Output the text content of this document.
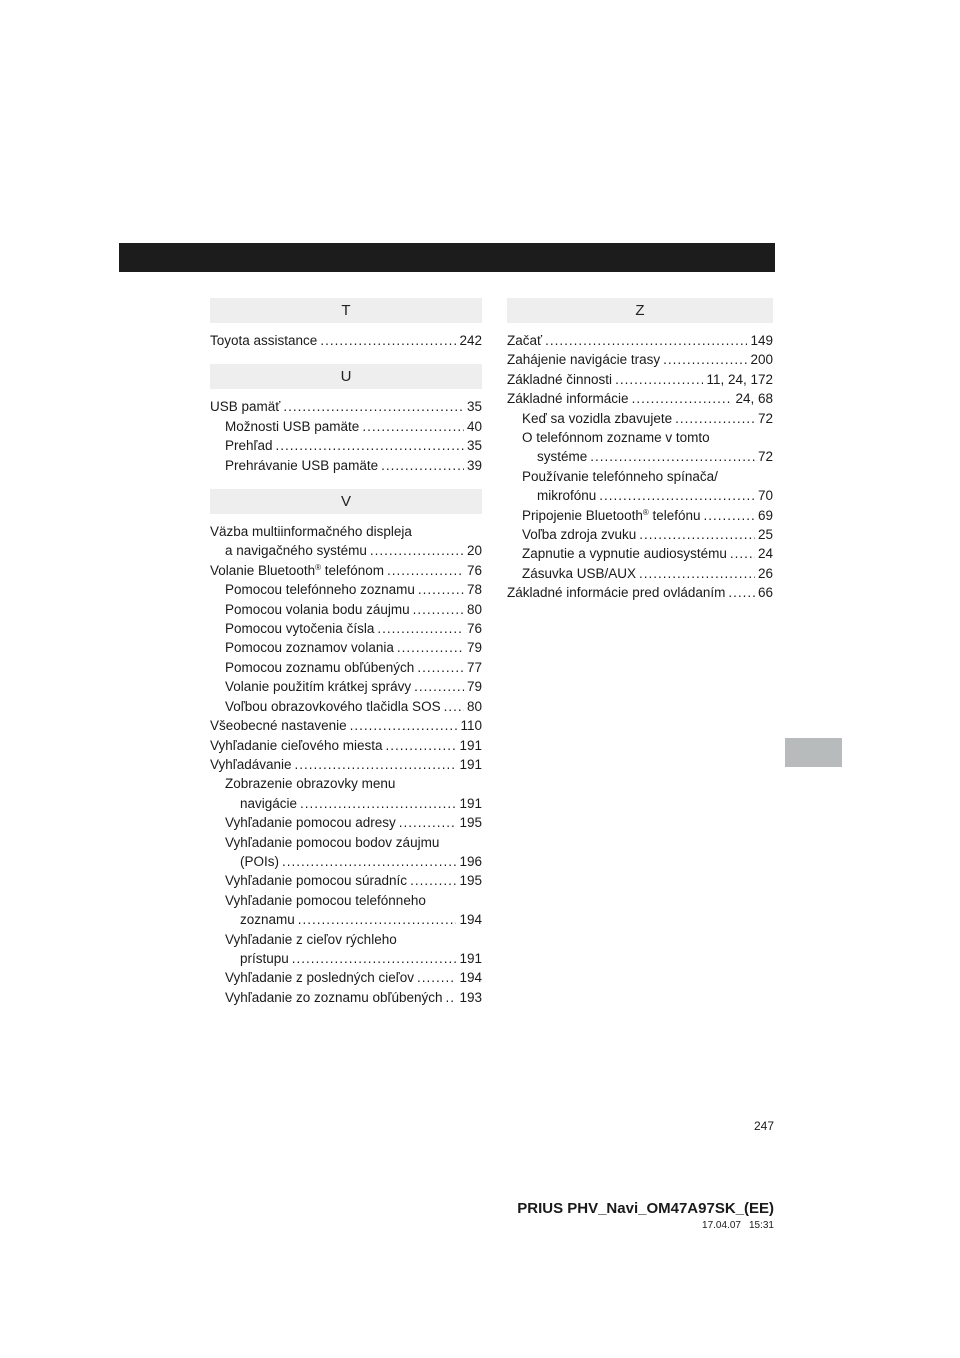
T
Toyota assistance .....	242
U
USB pamäť .....	35
Možnosti USB pamäte .....	40
Prehľad .....	35
Prehrávanie USB pamäte .....	39
V
Väzba multiinformačného displeja
a navigačného systému .....	20
Volanie Bluetooth® telefónom .....	76
Pomocou telefónneho zoznamu .....	78
Pomocou volania bodu záujmu .....	80
Pomocou vytočenia čísla .....	76
Pomocou zoznamov volania .....	79
Pomocou zoznamu obľúbených .....	77
Volanie použitím krátkej správy .....	79
Voľbou obrazovkového tlačidla SOS ..... 80
Všeobecné nastavenie .....	110
Vyhľadanie cieľového miesta .....	191
Vyhľadávanie .....	191
Zobrazenie obrazovky menu
navigácie .....	191
Vyhľadanie pomocou adresy .....	195
Vyhľadanie pomocou bodov záujmu
(POIs) .....	196
Vyhľadanie pomocou súradníc .....	195
Vyhľadanie pomocou telefónneho
zoznamu .....	194
Vyhľadanie z cieľov rýchleho
prístupu .....	191
Vyhľadanie z posledných cieľov .....	194
Vyhľadanie zo zoznamu obľúbených ..... 193
Z
Začať .....	149
Zahájenie navigácie trasy .....	200
Základné činnosti .....	11, 24, 172
Základné informácie .....	24, 68
Keď sa vozidla zbavujete .....	72
O telefónnom zozname v tomto
systéme .....	72
Používanie telefónneho spínača/
mikrofónu .....	70
Pripojenie Bluetooth® telefónu .....	69
Voľba zdroja zvuku .....	25
Zapnutie a vypnutie audiosystému ..... 24
Zásuvka USB/AUX .....	26
Základné informácie pred ovládaním ..... 66
247
PRIUS PHV_Navi_OM47A97SK_(EE)
17.04.07 15:31
